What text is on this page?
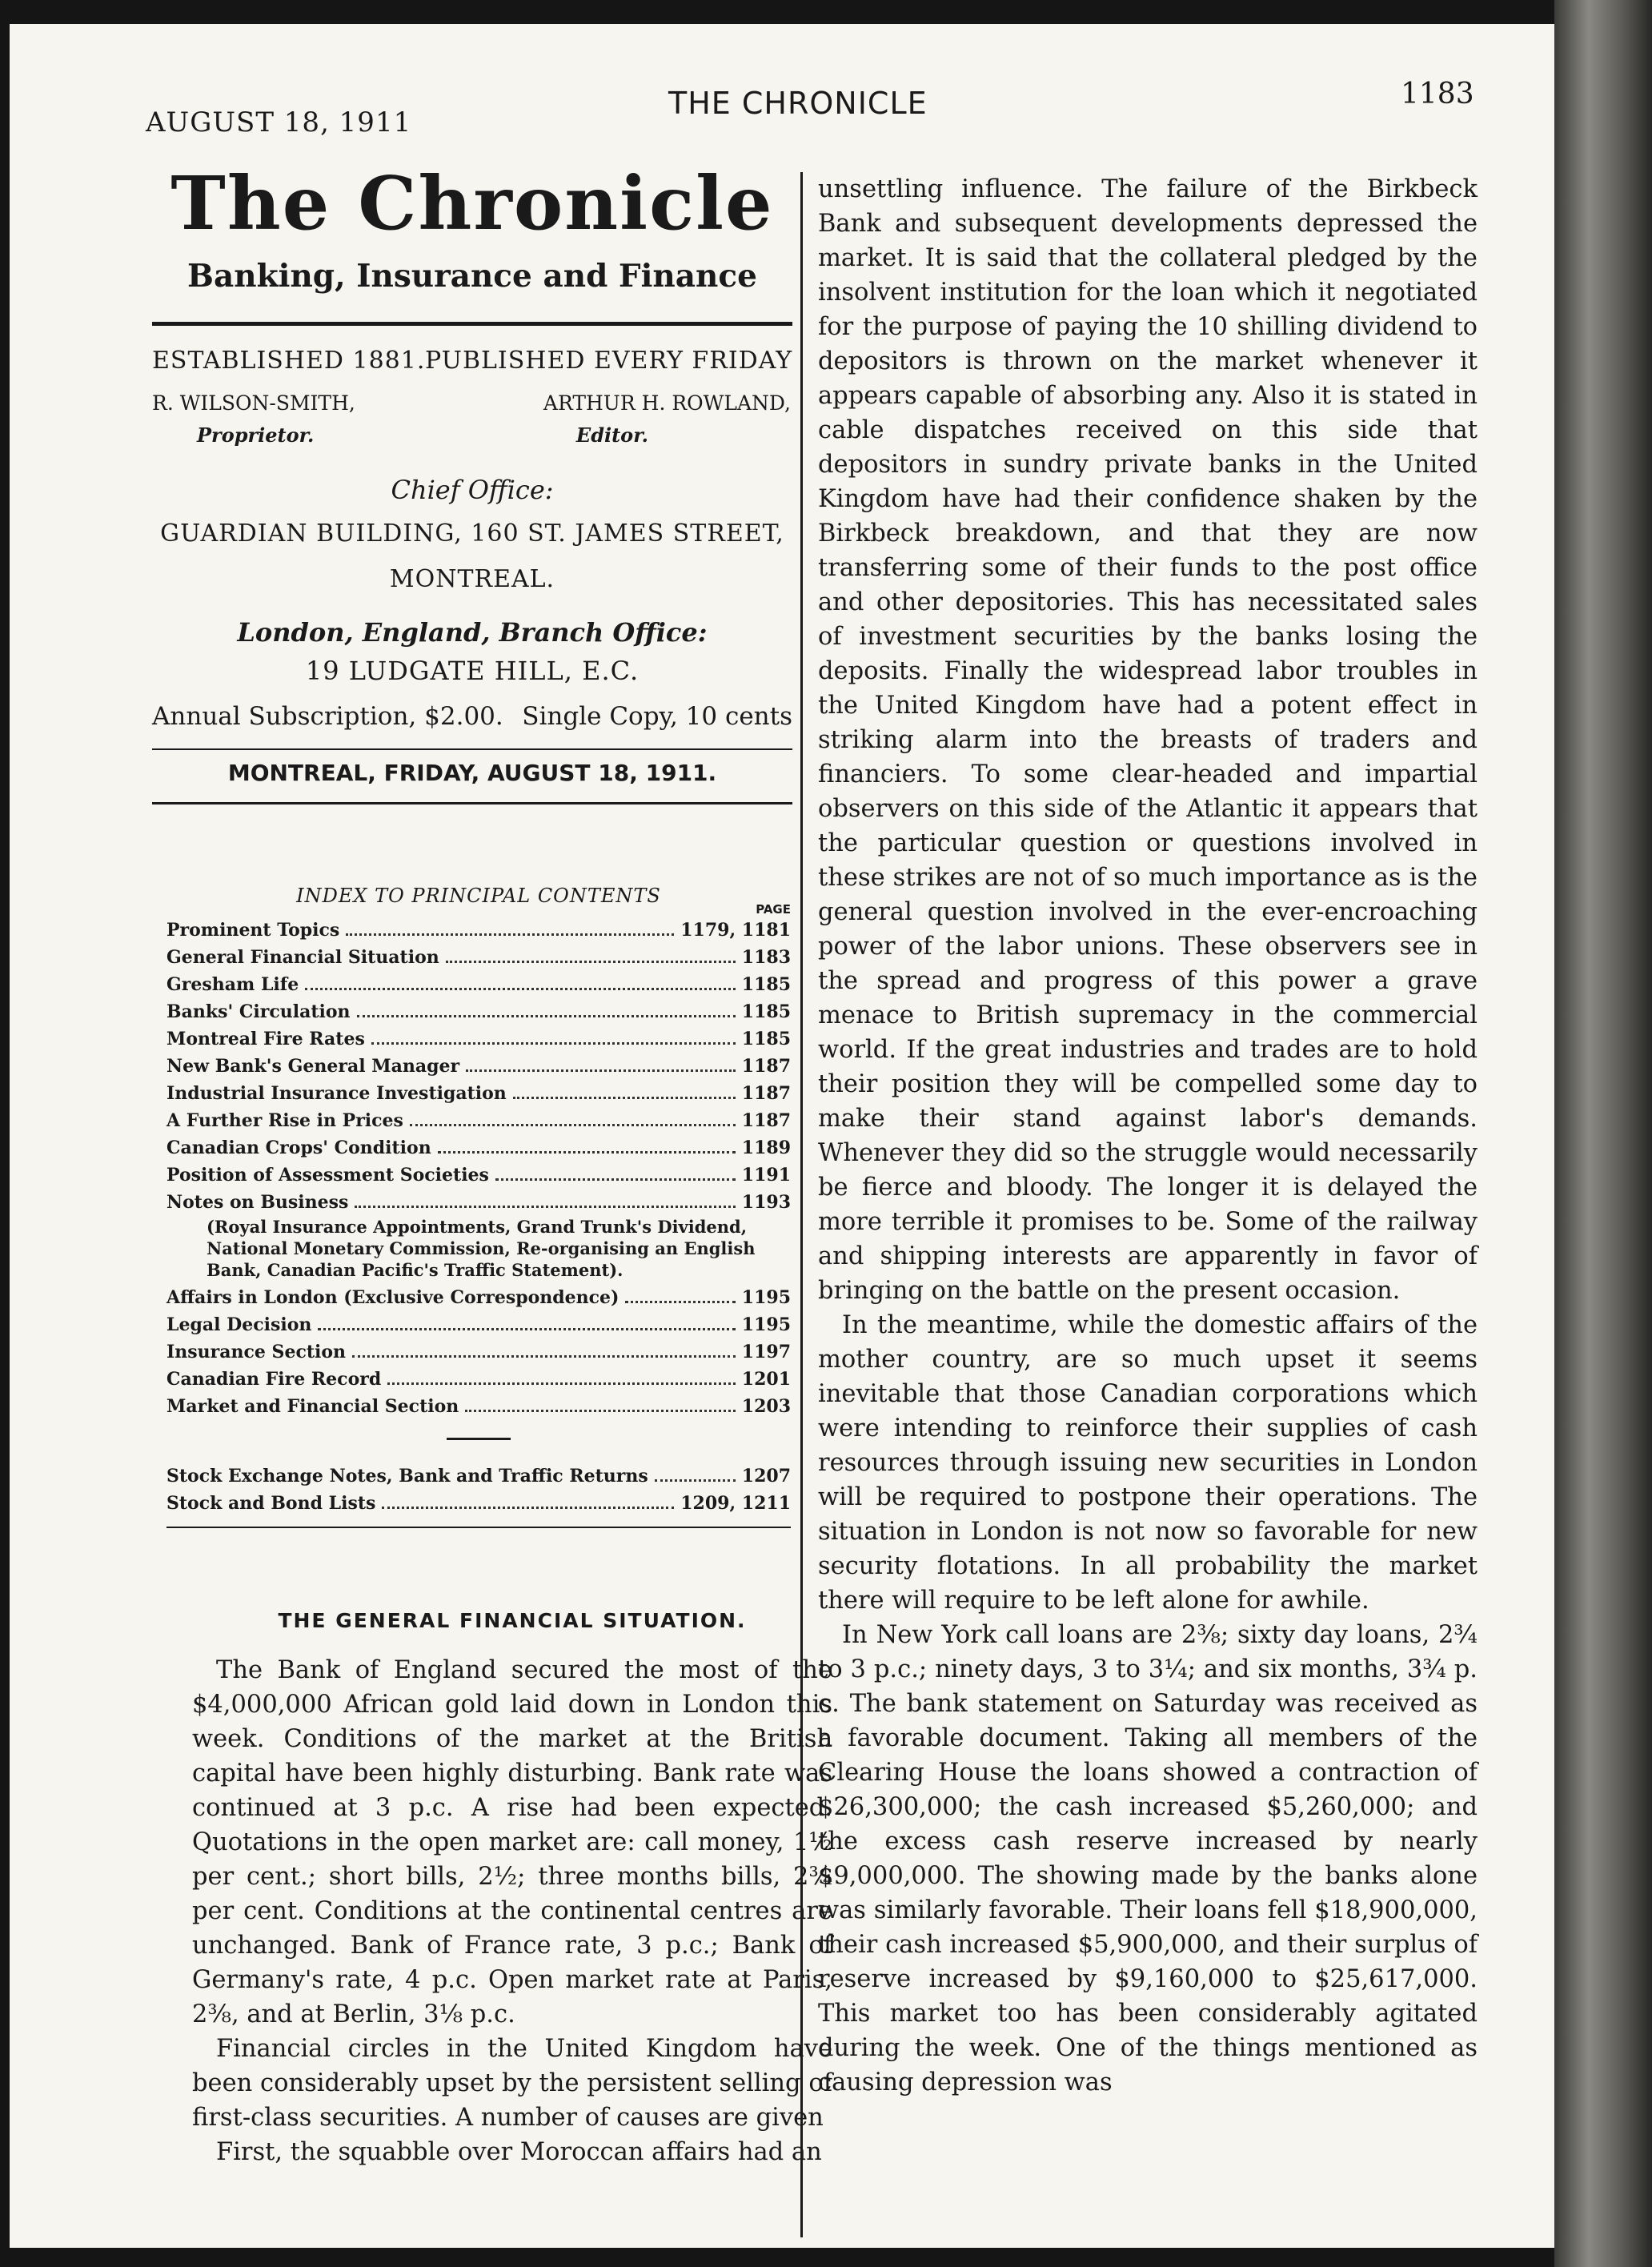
AUGUST 18, 1911
THE CHRONICLE	1183
The Chronicle
Banking, Insurance and Finance
ESTABLISHED 1881. PUBLISHED EVERY FRIDAY
R. WILSON-SMITH,	ARTHUR H. ROWLAND,
Proprietor.	Editor.
Chief Office:
GUARDIAN BUILDING, 160 ST. JAMES STREET,
MONTREAL.
London, England, Branch Office:
19 LUDGATE HILL, E.C.
Annual Subscription, $2.00. Single Copy, 10 cents
MONTREAL, FRIDAY, AUGUST 18, 1911.
INDEX TO PRINCIPAL CONTENTS
PAGE
Prominent Topics	1179, 1181
General Financial Situation	1183
Gresham Life	1185
Banks' Circulation	1185
Montreal Fire Rates	1185
New Bank's General Manager	1187
Industrial Insurance Investigation	1187
A Further Rise in Prices	1187
Canadian Crops' Condition	1189
Position of Assessment Societies	1191
Notes on Business	1193
(Royal Insurance Appointments, Grand Trunk's Dividend, National Monetary Commission, Re-organising an English Bank, Canadian Pacific's Traffic Statement).
Affairs in London (Exclusive Correspondence)	1195
Legal Decision	1195
Insurance Section	1197
Canadian Fire Record	1201
Market and Financial Section	1203
Stock Exchange Notes, Bank and Traffic Returns	1207
Stock and Bond Lists	1209, 1211
THE GENERAL FINANCIAL SITUATION.

The Bank of England secured the most of the $4,000,000 African gold laid down in London this week. Conditions of the market at the British capital have been highly disturbing. Bank rate was continued at 3 p.c. A rise had been expected. Quotations in the open market are: call money, 1½ per cent.; short bills, 2½; three months bills, 2¾ per cent. Conditions at the continental centres are unchanged. Bank of France rate, 3 p.c.; Bank of Germany's rate, 4 p.c. Open market rate at Paris, 2⅜, and at Berlin, 3⅛ p.c.

Financial circles in the United Kingdom have been considerably upset by the persistent selling of first-class securities. A number of causes are given

First, the squabble over Moroccan affairs had an

unsettling influence. The failure of the Birkbeck Bank and subsequent developments depressed the market. It is said that the collateral pledged by the insolvent institution for the loan which it negotiated for the purpose of paying the 10 shilling dividend to depositors is thrown on the market whenever it appears capable of absorbing any. Also it is stated in cable dispatches received on this side that depositors in sundry private banks in the United Kingdom have had their confidence shaken by the Birkbeck breakdown, and that they are now transferring some of their funds to the post office and other depositories. This has necessitated sales of investment securities by the banks losing the deposits. Finally the widespread labor troubles in the United Kingdom have had a potent effect in striking alarm into the breasts of traders and financiers. To some clear-headed and impartial observers on this side of the Atlantic it appears that the particular question or questions involved in these strikes are not of so much importance as is the general question involved in the ever-encroaching power of the labor unions. These observers see in the spread and progress of this power a grave menace to British supremacy in the commercial world. If the great industries and trades are to hold their position they will be compelled some day to make their stand against labor's demands. Whenever they did so the struggle would necessarily be fierce and bloody. The longer it is delayed the more terrible it promises to be. Some of the railway and shipping interests are apparently in favor of bringing on the battle on the present occasion.

In the meantime, while the domestic affairs of the mother country, are so much upset it seems inevitable that those Canadian corporations which were intending to reinforce their supplies of cash resources through issuing new securities in London will be required to postpone their operations. The situation in London is not now so favorable for new security flotations. In all probability the market there will require to be left alone for awhile.

In New York call loans are 2⅜; sixty day loans, 2¾ to 3 p.c.; ninety days, 3 to 3¼; and six months, 3¾ p. c. The bank statement on Saturday was received as a favorable document. Taking all members of the Clearing House the loans showed a contraction of $26,300,000; the cash increased $5,260,000; and the excess cash reserve increased by nearly $9,000,000. The showing made by the banks alone was similarly favorable. Their loans fell $18,900,000, their cash increased $5,900,000, and their surplus of reserve increased by $9,160,000 to $25,617,000. This market too has been considerably agitated during the week. One of the things mentioned as causing depression was
